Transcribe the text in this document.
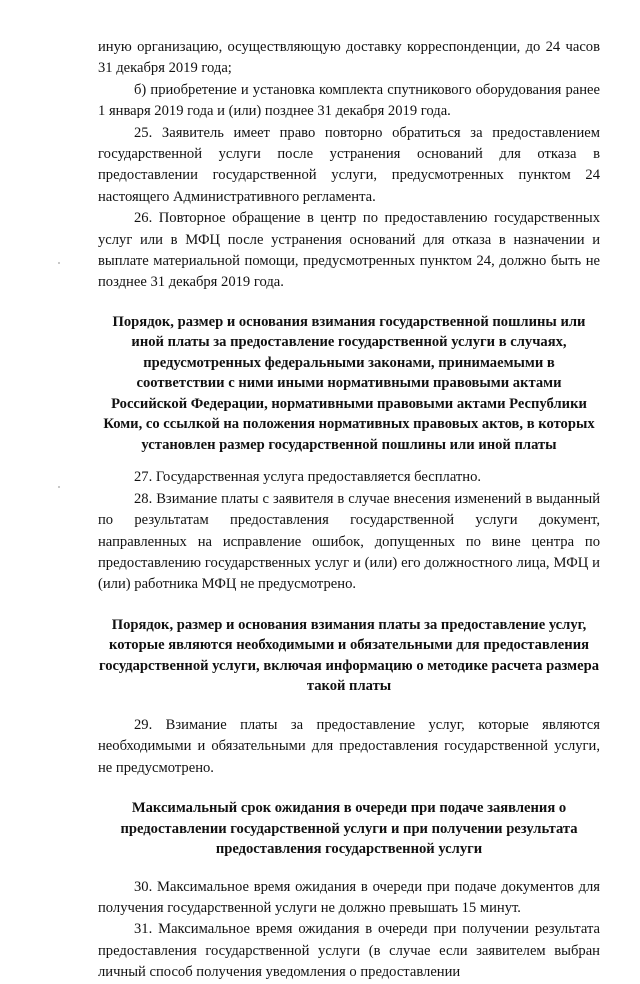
иную организацию, осуществляющую доставку корреспонденции, до 24 часов 31 декабря 2019 года;

б) приобретение и установка комплекта спутникового оборудования ранее 1 января 2019 года и (или) позднее 31 декабря 2019 года.

25. Заявитель имеет право повторно обратиться за предоставлением государственной услуги после устранения оснований для отказа в предоставлении государственной услуги, предусмотренных пунктом 24 настоящего Административного регламента.

26. Повторное обращение в центр по предоставлению государственных услуг или в МФЦ после устранения оснований для отказа в назначении и выплате материальной помощи, предусмотренных пунктом 24, должно быть не позднее 31 декабря 2019 года.

Порядок, размер и основания взимания государственной пошлины или иной платы за предоставление государственной услуги в случаях, предусмотренных федеральными законами, принимаемыми в соответствии с ними иными нормативными правовыми актами Российской Федерации, нормативными правовыми актами Республики Коми, со ссылкой на положения нормативных правовых актов, в которых установлен размер государственной пошлины или иной платы

27. Государственная услуга предоставляется бесплатно.

28. Взимание платы с заявителя в случае внесения изменений в выданный по результатам предоставления государственной услуги документ, направленных на исправление ошибок, допущенных по вине центра по предоставлению государственных услуг и (или) его должностного лица, МФЦ и (или) работника МФЦ не предусмотрено.

Порядок, размер и основания взимания платы за предоставление услуг, которые являются необходимыми и обязательными для предоставления государственной услуги, включая информацию о методике расчета размера такой платы

29. Взимание платы за предоставление услуг, которые являются необходимыми и обязательными для предоставления государственной услуги, не предусмотрено.

Максимальный срок ожидания в очереди при подаче заявления о предоставлении государственной услуги и при получении результата предоставления государственной услуги

30. Максимальное время ожидания в очереди при подаче документов для получения государственной услуги не должно превышать 15 минут.

31. Максимальное время ожидания в очереди при получении результата предоставления государственной услуги (в случае если заявителем выбран личный способ получения уведомления о предоставлении
